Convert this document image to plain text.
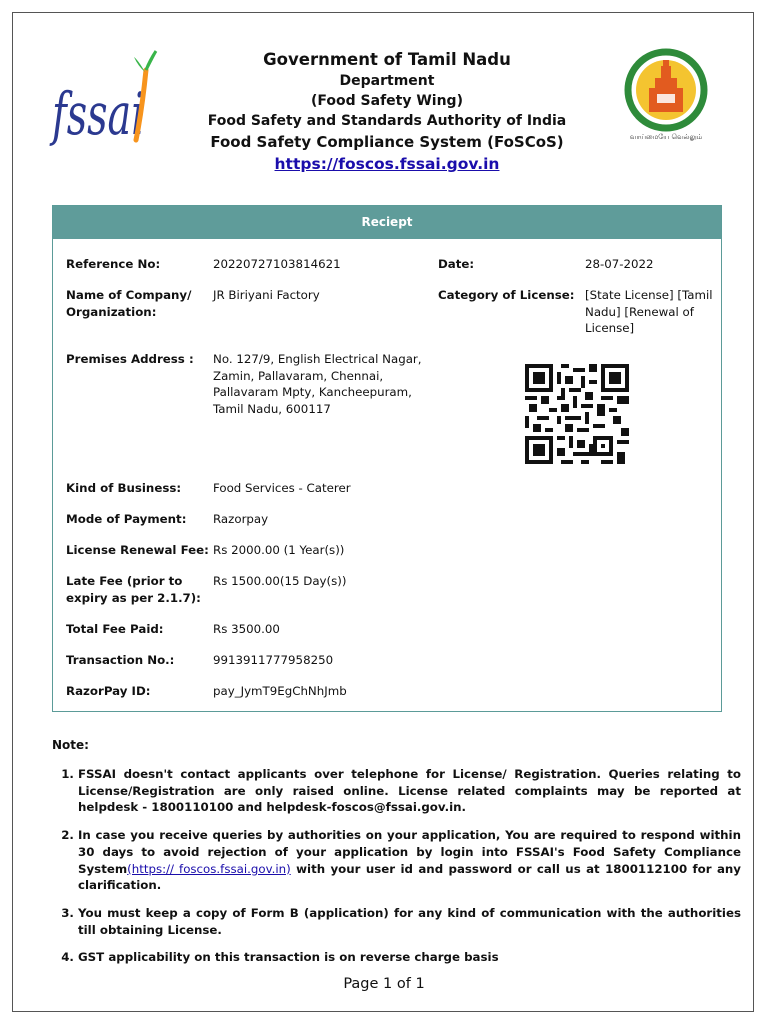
fssai
Government of Tamil Nadu
Department
(Food Safety Wing)
Food Safety and Standards Authority of India
Food Safety Compliance System (FoSCoS)
https://foscos.fssai.gov.in
வாய்மையே வெல்லும்
Reciept
Reference No:	20220727103814621	Date:	28-07-2022
Name of Company/
Organization:
JR Biriyani Factory	Category of License: [State License] [Tamil
Nadu] [Renewal of
License]
Premises Address : No. 127/9, English Electrical Nagar,
Zamin, Pallavaram, Chennai,
Pallavaram Mpty, Kancheepuram,
Tamil Nadu, 600117
Kind of Business:	Food Services - Caterer
Mode of Payment: Razorpay
License Renewal Fee: Rs 2000.00 (1 Year(s))
Late Fee (prior to
expiry as per 2.1.7):
Rs 1500.00(15 Day(s))
Total Fee Paid:	Rs 3500.00
Transaction No.:	9913911777958250
RazorPay ID:	pay_JymT9EgChNhJmb
Note:
1. FSSAI doesn't contact applicants over telephone for License/ Registration. Queries relating to License/Registration are only raised online. License related complaints may be reported at helpdesk - 1800110100 and helpdesk-foscos@fssai.gov.in.
2. In case you receive queries by authorities on your application, You are required to respond within 30 days to avoid rejection of your application by login into FSSAI's Food Safety Compliance System(https:// foscos.fssai.gov.in) with your user id and password or call us at 1800112100 for any clarification.
3. You must keep a copy of Form B (application) for any kind of communication with the authorities till obtaining License.
4. GST applicability on this transaction is on reverse charge basis
Page 1 of 1
